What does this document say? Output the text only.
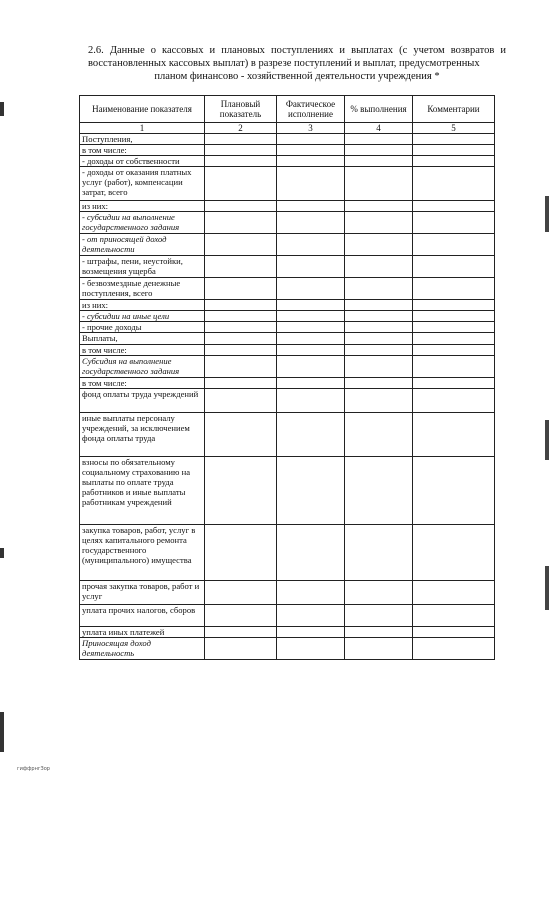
2.6. Данные о кассовых и плановых поступлениях и выплатах (с учетом возвратов и восстановленных кассовых выплат) в разрезе поступлений и выплат, предусмотренных
планом финансово - хозяйственной деятельности учреждения *
Наименование показателя	Плановый показатель	Фактическое исполнение	% выполнения	Комментарии
1	2	3	4	5
Поступления,				
в том числе:				
- доходы от собственности				
- доходы от оказания платных услуг (работ), компенсации затрат, всего				
из них:				
- субсидии на выполнение государственного задания				
- от приносящей доход деятельности				
- штрафы, пени, неустойки, возмещения ущерба				
- безвозмездные денежные поступления, всего				
из них:				
- субсидии на иные цели				
- прочие доходы				
Выплаты,				
в том числе:				
Субсидия на выполнение государственного задания				
в том числе:				
фонд оплаты труда учреждений				
иные выплаты персоналу учреждений, за исключением фонда оплаты труда				
взносы по обязательному социальному страхованию на выплаты по оплате труда работников и иные выплаты работникам учреждений				
закупка товаров, работ, услуг в целях капитального ремонта государственного (муниципального) имущества				
прочая закупка товаров, работ и услуг				
уплата прочих налогов, сборов				
уплата иных платежей				
Приносящая доход деятельность				
гиффрнгЗор
